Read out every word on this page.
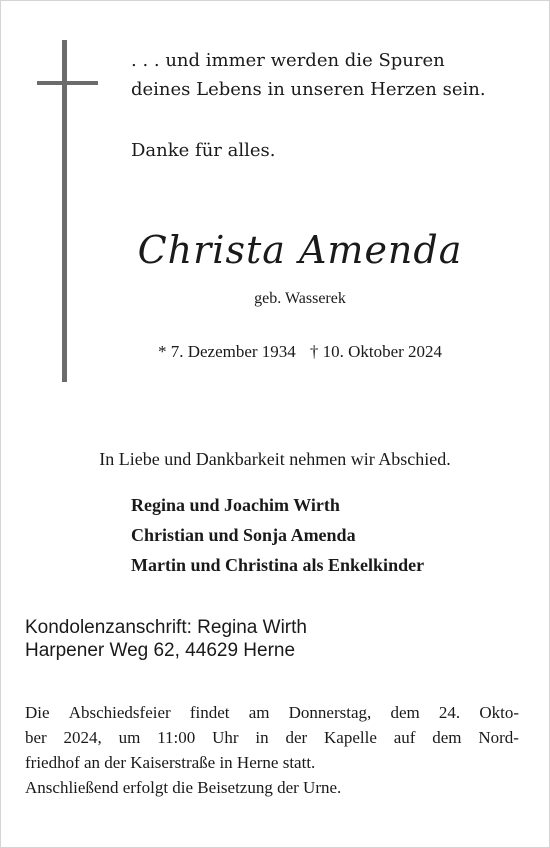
. . . und immer werden die Spuren
deines Lebens in unseren Herzen sein.
Danke für alles.
Christa Amenda
geb. Wasserek
* 7. Dezember 1934 † 10. Oktober 2024
In Liebe und Dankbarkeit nehmen wir Abschied.
Regina und Joachim Wirth
Christian und Sonja Amenda
Martin und Christina als Enkelkinder
Kondolenzanschrift: Regina Wirth
Harpener Weg 62, 44629 Herne
Die Abschiedsfeier findet am Donnerstag, dem 24. Okto-
ber 2024, um 11:00 Uhr in der Kapelle auf dem Nord-
friedhof an der Kaiserstraße in Herne statt.
Anschließend erfolgt die Beisetzung der Urne.
